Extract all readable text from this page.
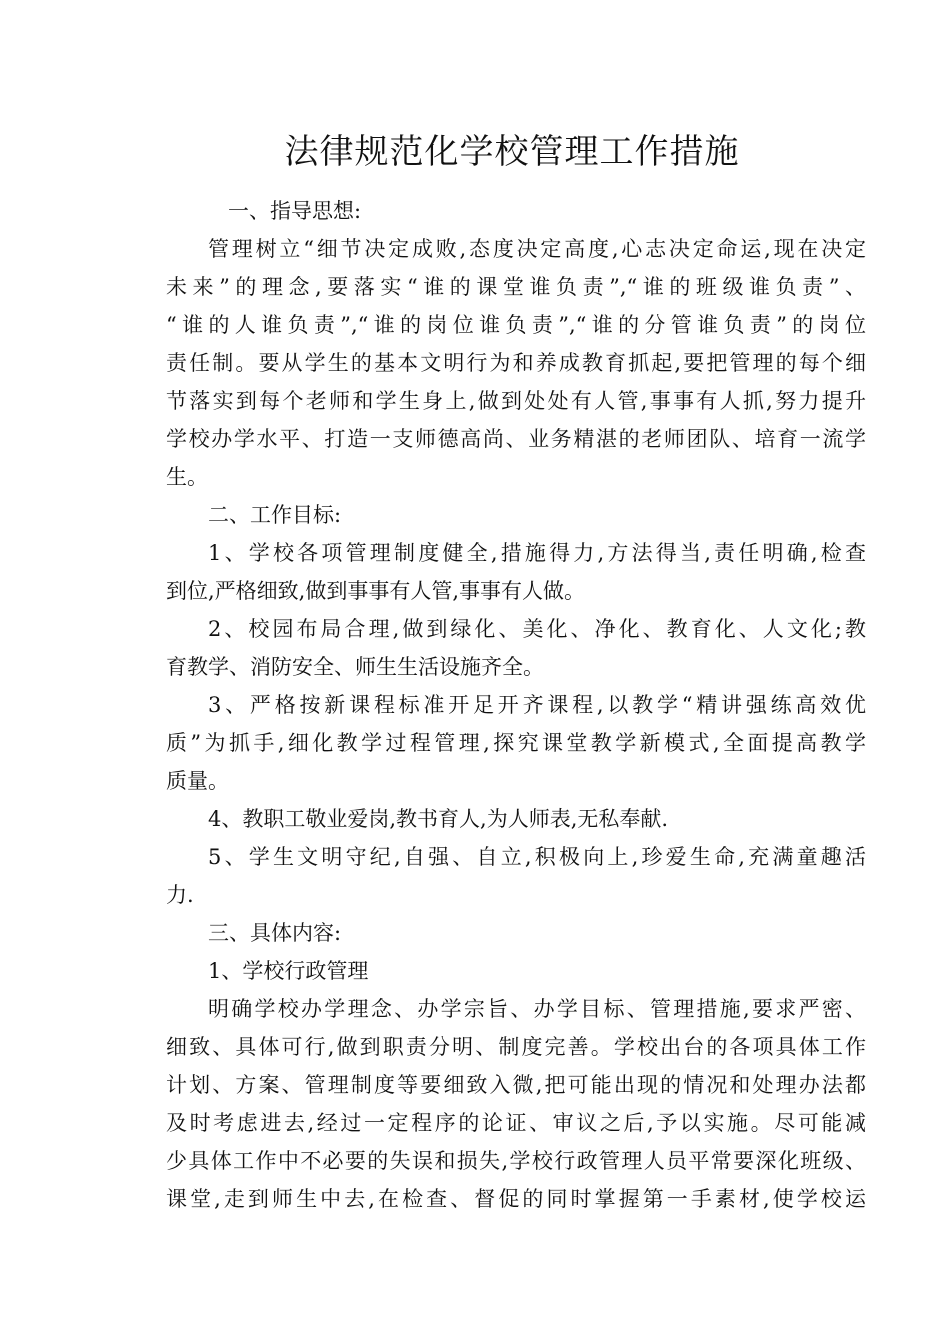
法律规范化学校管理工作措施
一、指导思想:
管理树立“细节决定成败,态度决定高度,心志决定命运,现在决定
未来”的理念,要落实“谁的课堂谁负责”,“谁的班级谁负责”、
“谁的人谁负责”,“谁的岗位谁负责”,“谁的分管谁负责”的岗位
责任制。要从学生的基本文明行为和养成教育抓起,要把管理的每个细
节落实到每个老师和学生身上,做到处处有人管,事事有人抓,努力提升
学校办学水平、打造一支师德高尚、业务精湛的老师团队、培育一流学
生。
二、工作目标:
1、学校各项管理制度健全,措施得力,方法得当,责任明确,检查
到位,严格细致,做到事事有人管,事事有人做。
2、校园布局合理,做到绿化、美化、净化、教育化、人文化;教
育教学、消防安全、师生生活设施齐全。
3、严格按新课程标准开足开齐课程,以教学“精讲强练高效优
质”为抓手,细化教学过程管理,探究课堂教学新模式,全面提高教学
质量。
4、教职工敬业爱岗,教书育人,为人师表,无私奉献.
5、学生文明守纪,自强、自立,积极向上,珍爱生命,充满童趣活
力.
三、具体内容:
1、学校行政管理
明确学校办学理念、办学宗旨、办学目标、管理措施,要求严密、
细致、具体可行,做到职责分明、制度完善。学校出台的各项具体工作
计划、方案、管理制度等要细致入微,把可能出现的情况和处理办法都
及时考虑进去,经过一定程序的论证、审议之后,予以实施。尽可能减
少具体工作中不必要的失误和损失,学校行政管理人员平常要深化班级、
课堂,走到师生中去,在检查、督促的同时掌握第一手素材,使学校运
